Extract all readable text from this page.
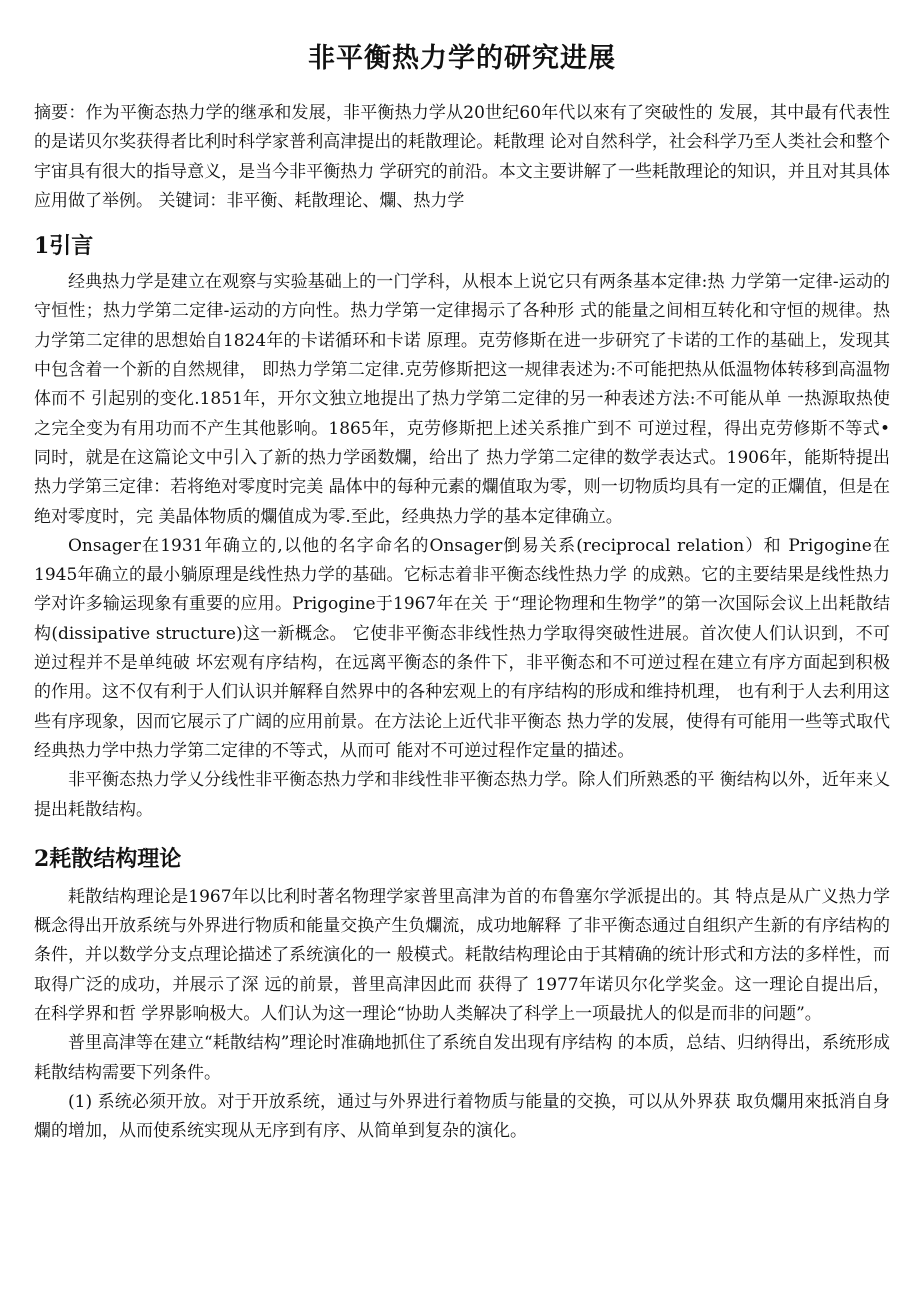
非平衡热力学的研究进展

摘要：作为平衡态热力学的继承和发展，非平衡热力学从20世纪60年代以來有了突破性的 发展，其中最有代表性的是诺贝尔奖获得者比利时科学家普利高津提出的耗散理论。耗散理 论对自然科学，社会科学乃至人类社会和整个宇宙具有很大的指导意义，是当今非平衡热力 学研究的前沿。本文主要讲解了一些耗散理论的知识，并且对其具体应用做了举例。 关键词：非平衡、耗散理论、爛、热力学

1引言

经典热力学是建立在观察与实验基础上的一门学科，从根本上说它只有两条基本定律:热 力学第一定律-运动的守恒性；热力学第二定律-运动的方向性。热力学第一定律揭示了各种形 式的能量之间相互转化和守恒的规律。热力学第二定律的思想始自1824年的卡诺循环和卡诺 原理。克劳修斯在进一步研究了卡诺的工作的基础上，发现其中包含着一个新的自然规律， 即热力学第二定律.克劳修斯把这一规律表述为:不可能把热从低温物体转移到高温物体而不 引起别的变化.1851年，开尔文独立地提出了热力学第二定律的另一种表述方法:不可能从单 一热源取热使之完全变为有用功而不产生其他影响。1865年，克劳修斯把上述关系推广到不 可逆过程，得出克劳修斯不等式•同时，就是在这篇论文中引入了新的热力学函数爛，给出了 热力学第二定律的数学表达式。1906年，能斯特提出热力学第三定律：若将绝对零度时完美 晶体中的每种元素的爛值取为零，则一切物质均具有一定的正爛值，但是在绝对零度时，完 美晶体物质的爛值成为零.至此，经典热力学的基本定律确立。

Onsager在1931年确立的,以他的名字命名的Onsager倒易关系(reciprocal relation）和 Prigogine在1945年确立的最小躺原理是线性热力学的基础。它标志着非平衡态线性热力学 的成熟。它的主要结果是线性热力学对许多输运现象有重要的应用。Prigogine于1967年在关 于“理论物理和生物学”的第一次国际会议上出耗散结构(dissipative structure)这一新概念。 它使非平衡态非线性热力学取得突破性进展。首次使人们认识到，不可逆过程并不是单纯破 坏宏观有序结构，在远离平衡态的条件下，非平衡态和不可逆过程在建立有序方面起到积极 的作用。这不仅有利于人们认识并解释自然界中的各种宏观上的有序结构的形成和维持机理， 也有利于人去利用这些有序现象，因而它展示了广阔的应用前景。在方法论上近代非平衡态 热力学的发展，使得有可能用一些等式取代经典热力学中热力学第二定律的不等式，从而可 能对不可逆过程作定量的描述。

非平衡态热力学乂分线性非平衡态热力学和非线性非平衡态热力学。除人们所熟悉的平 衡结构以外，近年来乂提出耗散结构。

2耗散结构理论

耗散结构理论是1967年以比利时著名物理学家普里高津为首的布鲁塞尔学派提出的。其 特点是从广义热力学概念得出开放系统与外界进行物质和能量交换产生负爛流，成功地解释 了非平衡态通过自组织产生新的有序结构的条件，并以数学分支点理论描述了系统演化的一 般模式。耗散结构理论由于其精确的统计形式和方法的多样性，而取得广泛的成功，并展示了深 远的前景，普里高津因此而 获得了 1977年诺贝尔化学奖金。这一理论自提出后，在科学界和哲 学界影响极大。人们认为这一理论“协助人类解决了科学上一项最扰人的似是而非的问题”。

普里高津等在建立“耗散结构”理论时准确地抓住了系统自发出现有序结构 的本质，总结、归纳得出，系统形成耗散结构需要下列条件。

(1) 系统必须开放。对于开放系统，通过与外界进行着物质与能量的交换，可以从外界获 取负爛用來抵消自身爛的增加，从而使系统实现从无序到有序、从简单到复杂的演化。
